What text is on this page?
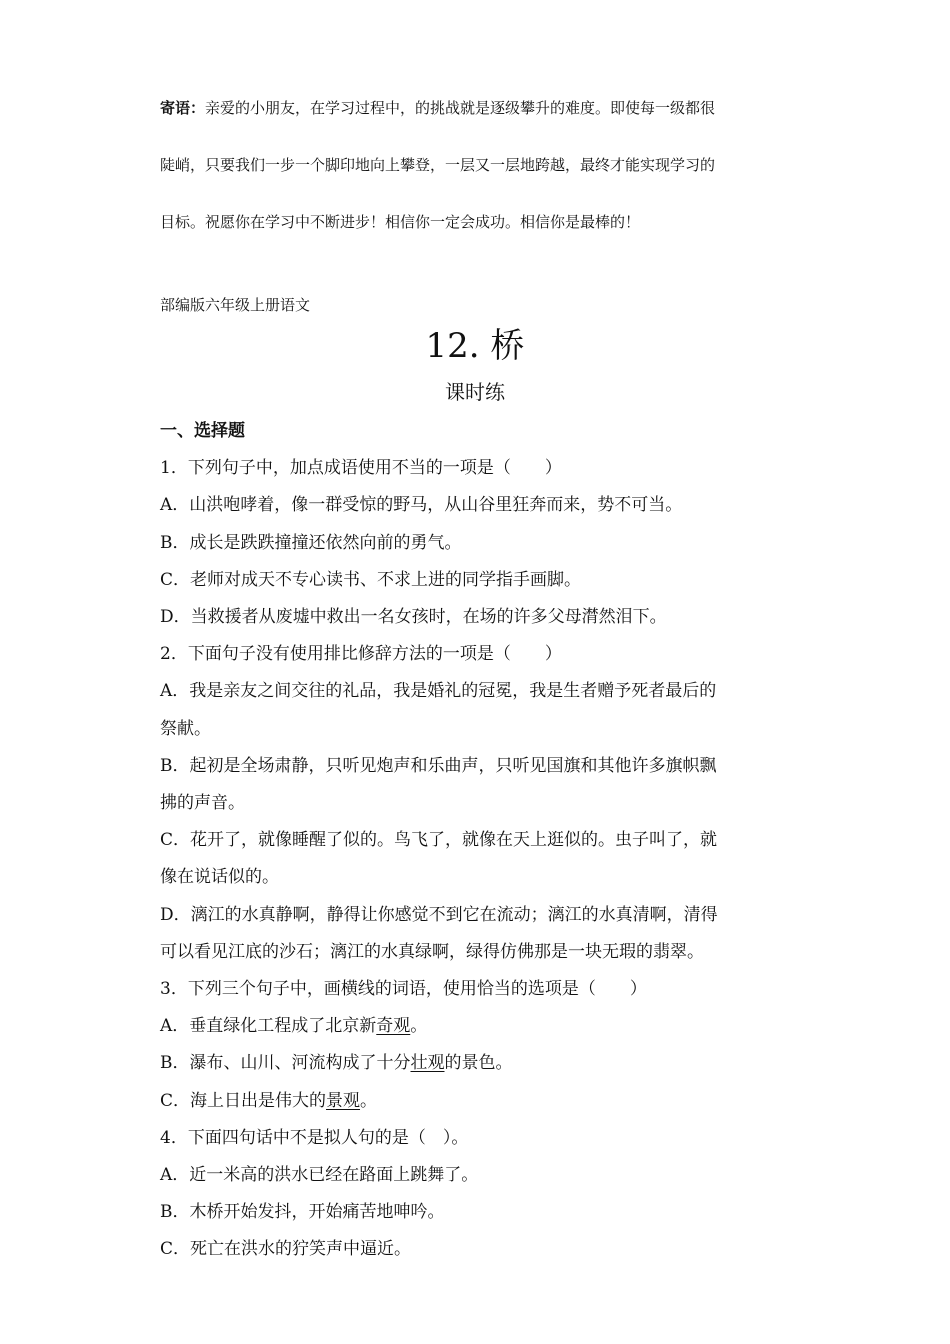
寄语：亲爱的小朋友，在学习过程中，的挑战就是逐级攀升的难度。即使每一级都很
陡峭，只要我们一步一个脚印地向上攀登，一层又一层地跨越，最终才能实现学习的
目标。祝愿你在学习中不断进步！相信你一定会成功。相信你是最棒的！
部编版六年级上册语文
12. 桥
课时练
一、选择题
1．下列句子中，加点成语使用不当的一项是（　　）
A．山洪咆哮着，像一群受惊的野马，从山谷里狂奔而来，势不可当。
B．成长是跌跌撞撞还依然向前的勇气。
C．老师对成天不专心读书、不求上进的同学指手画脚。
D．当救援者从废墟中救出一名女孩时，在场的许多父母潸然泪下。
2．下面句子没有使用排比修辞方法的一项是（　　）
A．我是亲友之间交往的礼品，我是婚礼的冠冕，我是生者赠予死者最后的
祭献。
B．起初是全场肃静，只听见炮声和乐曲声，只听见国旗和其他许多旗帜飘
拂的声音。
C．花开了，就像睡醒了似的。鸟飞了，就像在天上逛似的。虫子叫了，就
像在说话似的。
D．漓江的水真静啊，静得让你感觉不到它在流动；漓江的水真清啊，清得
可以看见江底的沙石；漓江的水真绿啊，绿得仿佛那是一块无瑕的翡翠。
3．下列三个句子中，画横线的词语，使用恰当的选项是（　　）
A．垂直绿化工程成了北京新奇观。
B．瀑布、山川、河流构成了十分壮观的景色。
C．海上日出是伟大的景观。
4．下面四句话中不是拟人句的是（　）。
A．近一米高的洪水已经在路面上跳舞了。
B．木桥开始发抖，开始痛苦地呻吟。
C．死亡在洪水的狞笑声中逼近。
